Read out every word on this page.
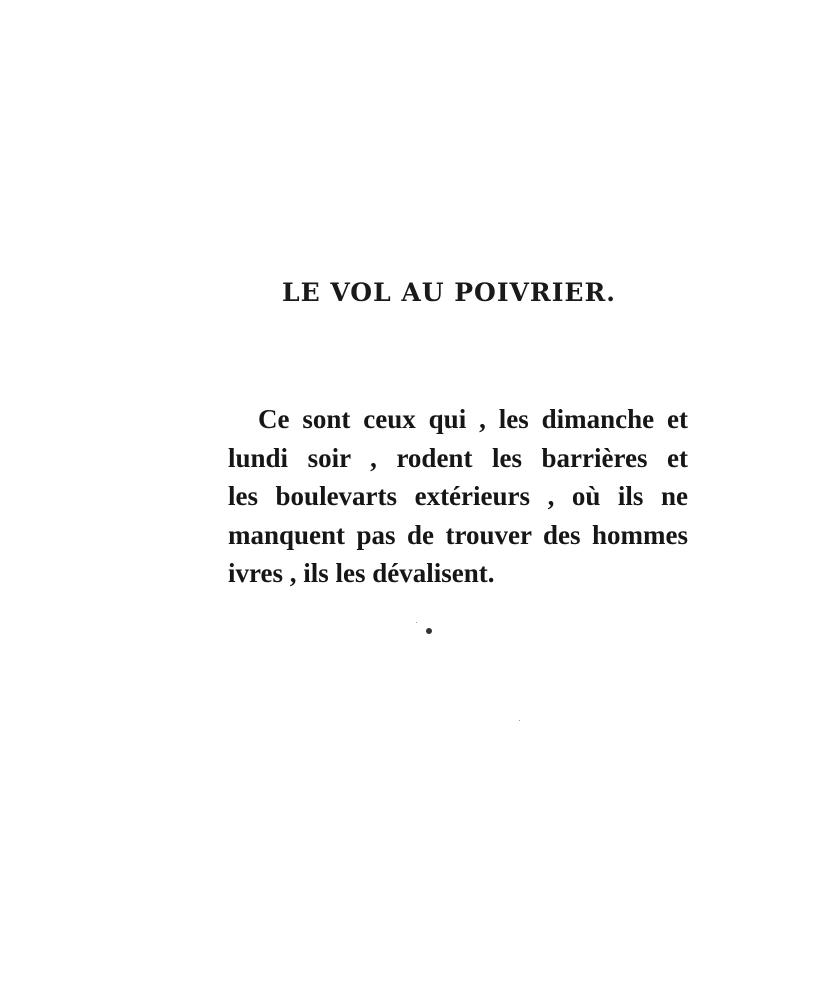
LE VOL AU POIVRIER.

Ce sont ceux qui , les dimanche et
lundi soir , rodent les barrières et
les boulevarts extérieurs , où ils ne
manquent pas de trouver des hommes
ivres , ils les dévalisent.
